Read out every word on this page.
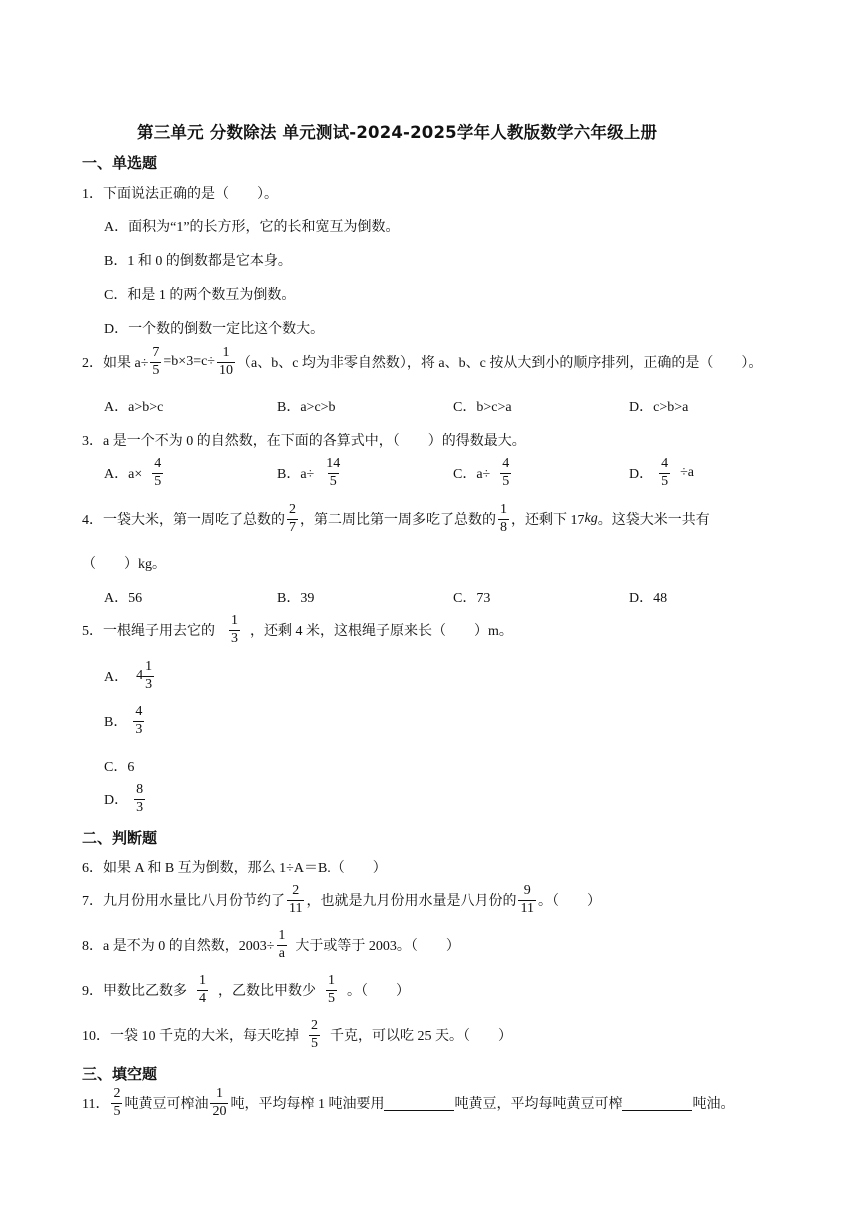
第三单元 分数除法 单元测试-2024-2025学年人教版数学六年级上册
一、单选题
1．下面说法正确的是（　　）。
A．面积为“1”的长方形，它的长和宽互为倒数。
B．1 和 0 的倒数都是它本身。
C．和是 1 的两个数互为倒数。
D．一个数的倒数一定比这个数大。
2．如果 $a\div \frac{7}{5} =b\times 3=c\div \frac{1}{10} (a$、b、c 均为非零自然数），将 a、b、c 按从大到小的顺序排列，正确的是（　　）。
A．a>b>c	B．a>c>b	C．b>c>a	D．c>b>a
3．a 是一个不为 0 的自然数，在下面的各算式中，（　　）的得数最大。
A．$a\times \frac{4}{5}$	B．$a\div \frac{14}{5}$	C．$a\div \frac{4}{5}$	D． $\frac{4}{5} \div a$
4．一袋大米，第一周吃了总数的 $\frac{2}{7}$ ，第二周比第一周多吃了总数的 $\frac{1}{8}$ ，还剩下 17 kg 。这袋大米一共有
（　　）kg。
A．56	B．39	C．73	D．48
5．一根绳子用去它的 $\frac{1}{3}$ ，还剩 4 米，这根绳子原来长（　　）m。
A． $4 \frac{1}{3}$
B． $\frac{4}{3}$
C．6
D． $\frac{8}{3}$
二、判断题
6．如果 A 和 B 互为倒数，那么 1÷A＝B.（　　）
7．九月份用水量比八月份节约了 $\frac{2}{11}$ ，也就是九月份用水量是八月份的 $\frac{9}{11}$ 。（　　）
8．a 是不为 0 的自然数，$2003\div \frac{1}{a}$ 大于或等于 2003。（　　）
9．甲数比乙数多 $\frac{1}{4}$ ，乙数比甲数少 $\frac{1}{5}$ 。（　　）
10．一袋 10 千克的大米，每天吃掉 $\frac{2}{5}$ 千克，可以吃 25 天。（　　）
三、填空题
11． $\frac{2}{5}$ 吨黄豆可榨油 $\frac{1}{20}$ 吨，平均每榨 1 吨油要用	吨黄豆，平均每吨黄豆可榨	吨油。
